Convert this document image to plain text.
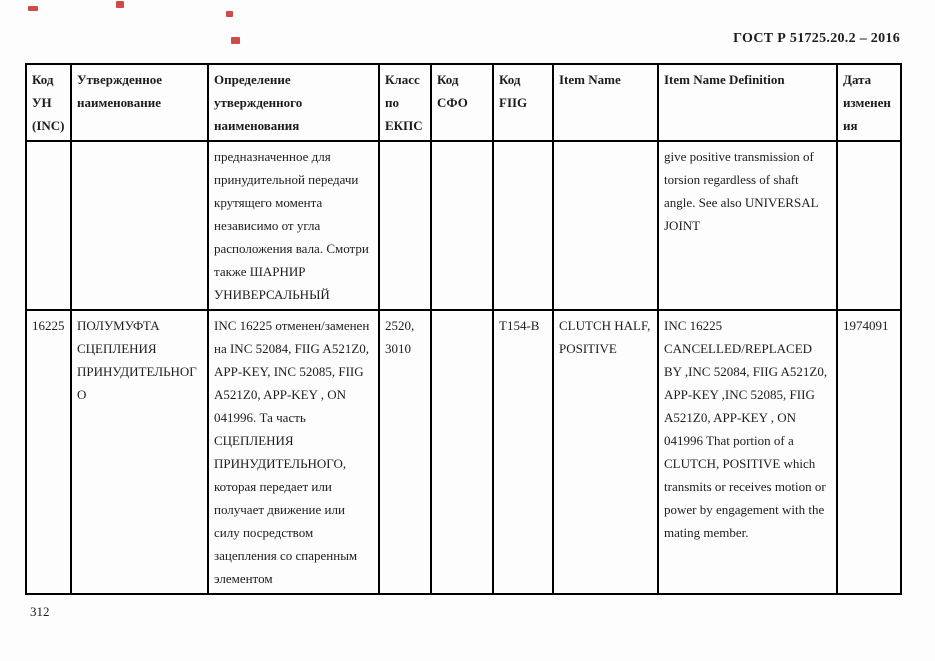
ГОСТ Р 51725.20.2 – 2016
Код УН (INC)	Утвержденное наименование	Определение утвержденного наименования	Класс по ЕКПС	Код СФО	Код FIIG	Item Name	Item Name Definition	Дата изменения
		предназначенное для принудительной передачи крутящего момента независимо от угла расположения вала. Смотри также ШАРНИР УНИВЕРСАЛЬНЫЙ					give positive transmission of torsion regardless of shaft angle. See also UNIVERSAL JOINT	
16225	ПОЛУМУФТА СЦЕПЛЕНИЯ ПРИНУДИТЕЛЬНОГО	INC 16225 отменен/заменен на INC 52084, FIIG A521Z0, APP-KEY, INC 52085, FIIG A521Z0, APP-KEY , ON 041996. Та часть СЦЕПЛЕНИЯ ПРИНУДИТЕЛЬНОГО, которая передает или получает движение или силу посредством зацепления со спаренным элементом	2520, 3010		T154-B	CLUTCH HALF, POSITIVE	INC 16225 CANCELLED/REPLACED BY ,INC 52084, FIIG A521Z0, APP-KEY ,INC 52085, FIIG A521Z0, APP-KEY , ON 041996 That portion of a CLUTCH, POSITIVE which transmits or receives motion or power by engagement with the mating member.	1974091
312
